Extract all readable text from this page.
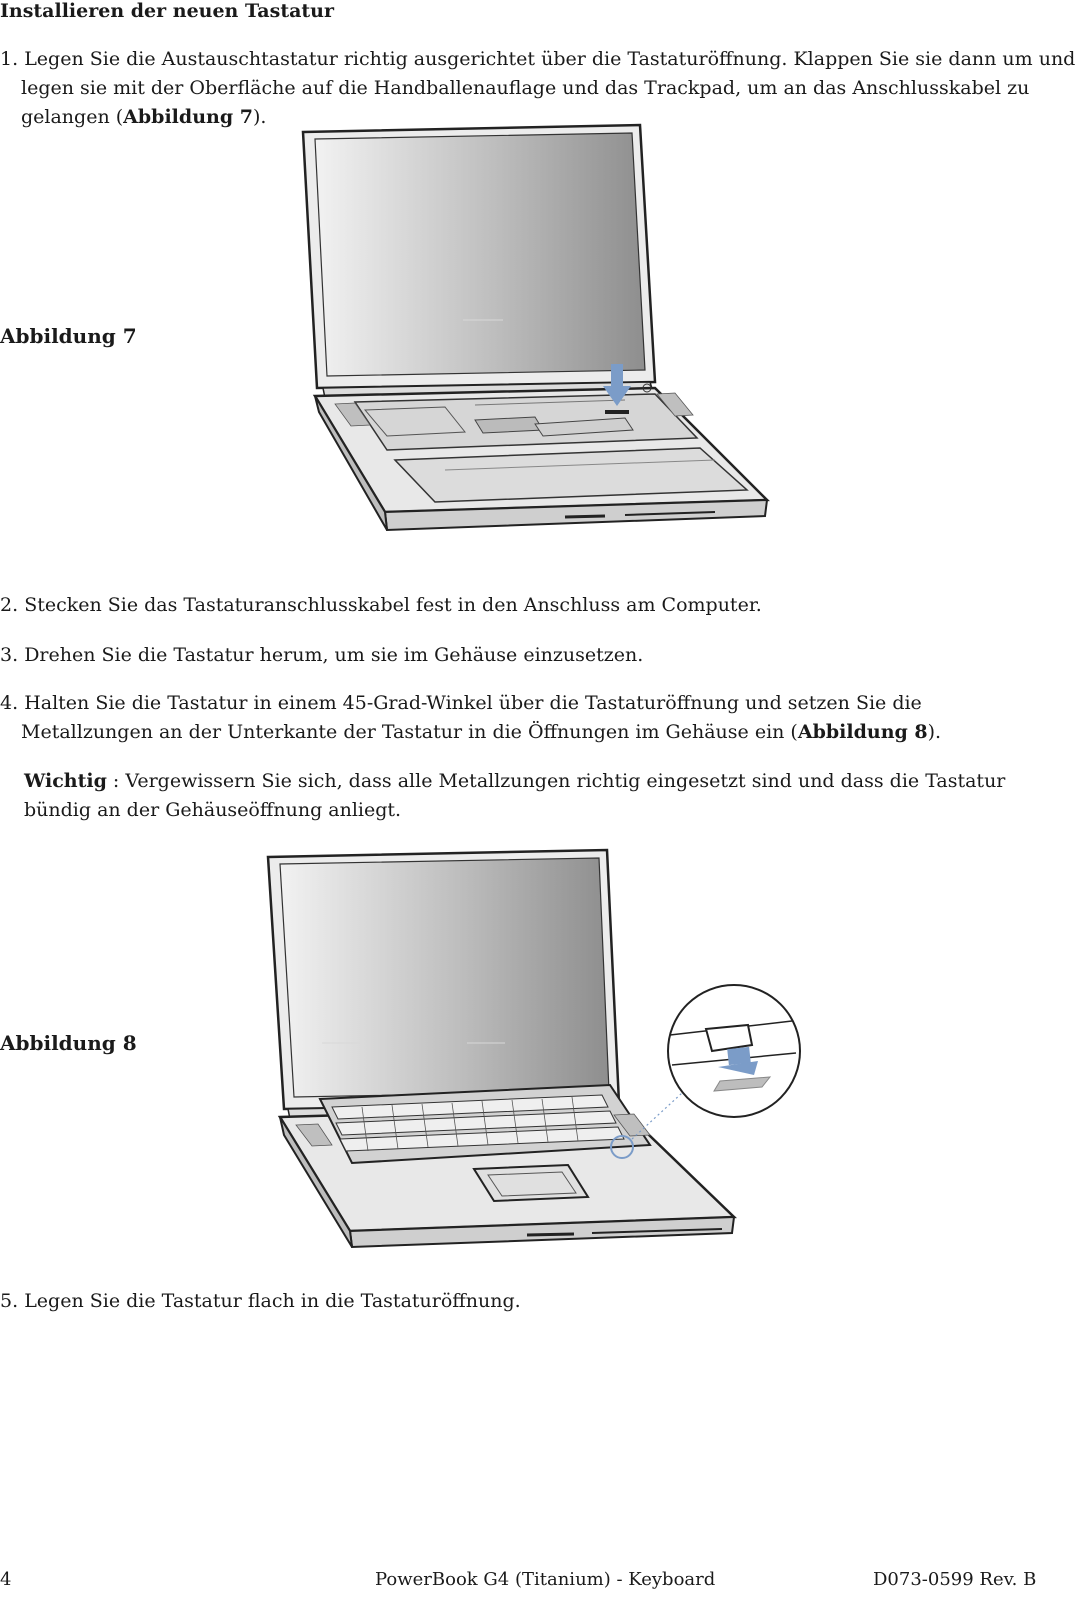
Installieren der neuen Tastatur
1. Legen Sie die Austauschtastatur richtig ausgerichtet über die Tastaturöffnung. Klappen Sie sie dann um und legen sie mit der Oberfläche auf die Handballenauflage und das Trackpad, um an das Anschlusskabel zu gelangen (Abbildung 7).
Abbildung 7
2. Stecken Sie das Tastaturanschlusskabel fest in den Anschluss am Computer.
3. Drehen Sie die Tastatur herum, um sie im Gehäuse einzusetzen.
4. Halten Sie die Tastatur in einem 45-Grad-Winkel über die Tastaturöffnung und setzen Sie die Metallzungen an der Unterkante der Tastatur in die Öffnungen im Gehäuse ein (Abbildung 8).
Wichtig : Vergewissern Sie sich, dass alle Metallzungen richtig eingesetzt sind und dass die Tastatur bündig an der Gehäuseöffnung anliegt.
Abbildung 8
5. Legen Sie die Tastatur flach in die Tastaturöffnung.
4	PowerBook G4 (Titanium) - Keyboard	D073-0599 Rev. B
